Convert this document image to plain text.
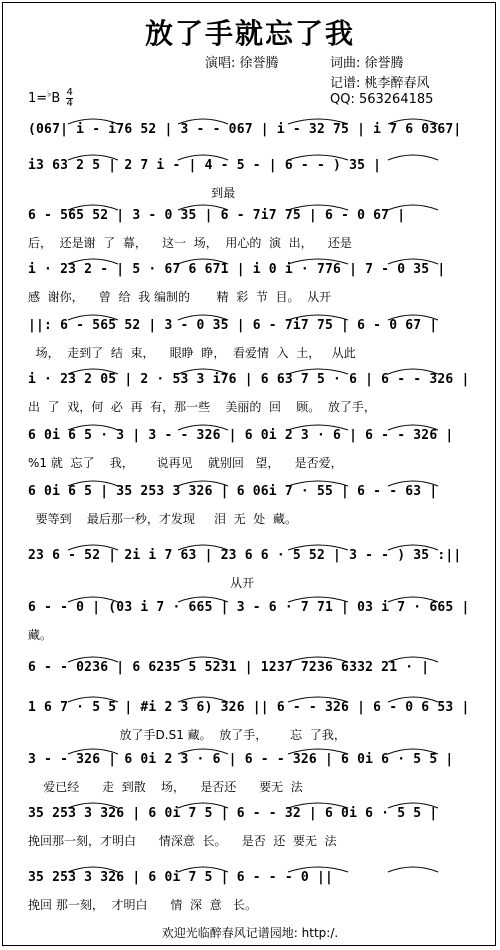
放了手就忘了我
演唱: 徐誉腾	词曲: 徐誉腾
记谱: 桃李醉春风
QQ: 563264185
$1=^♭B \frac{4}{4}$
(067| i - i76 52 | 3 - - 067 | i - 32 75 | i 7 6 0367|
i3 63 2 5 | 2 7 i - | 4 - 5 - | 6 - - ) 35 |
到最
6 - 565 52 | 3 - 0 35 | 6 - 7i7 75 | 6 - 0 67 |
后，  还是谢  了  幕，    这一  场，  用心的  演  出，    还是
i · 23 2 - | 5 · 67 6 671 | i 0 i · 776 | 7 - 0 35 |
感  谢你，    曾  给  我 编制的       精  彩  节  目。  从开
||: 6 - 565 52 | 3 - 0 35 | 6 - 7i7 75 | 6 - 0 67 |
场，  走到了  结  束，    眼睁  睁，  看爱情  入  土，   从此
i · 23 2 05 | 2 · 53 3 i76 | 6 63 7 5 · 6 | 6 - - 326 |
出  了  戏，何  必  再  有，那一些    美丽的  回    顾。  放了手，
6 0i 6 5 · 3 | 3 - - 326 | 6 0i 2 3 · 6 | 6 - - 326 |
%1 就  忘了    我，      说再见    就别回   望，    是否爱，
6 0i 6 5 | 35 253 3 326 | 6 06i 7 · 55 | 6 - - 63 |
要等到    最后那一秒，才发现     泪  无  处  藏。
23 6 - 52 | 2i i 7 63 | 23 6 6 · 5 52 | 3 - - ) 35 :||
从开
6 - - 0 | (03 i 7 · 665 | 3 - 6 · 7 71 | 03 i 7 · 665 |
藏。
6 - - 0236 | 6 6235 5 5231 | 1237 7236 6332 21 · |
1 6 7 · 5 5 | #i 2 3 6) 326 || 6 - - 326 | 6 - 0 6 53 |
放了手D.S1 藏。  放了手，      忘  了我，
3 - - 326 | 6 0i 2 3 · 6 | 6 - - 326 | 6 0i 6 · 5 5 |
爱已经      走  到散    场，    是否还      要无  法
35 253 3 326 | 6 0i 7 5 | 6 - - 32 | 6 0i 6 · 5 5 |
挽回那一刻，才明白      情深意  长。    是否  还  要无  法
35 253 3 326 | 6 0i 7 5 | 6 - - - 0 ||
挽回 那一刻，  才明白      情  深  意   长。
欢迎光临醉春风记谱园地: http:/.
